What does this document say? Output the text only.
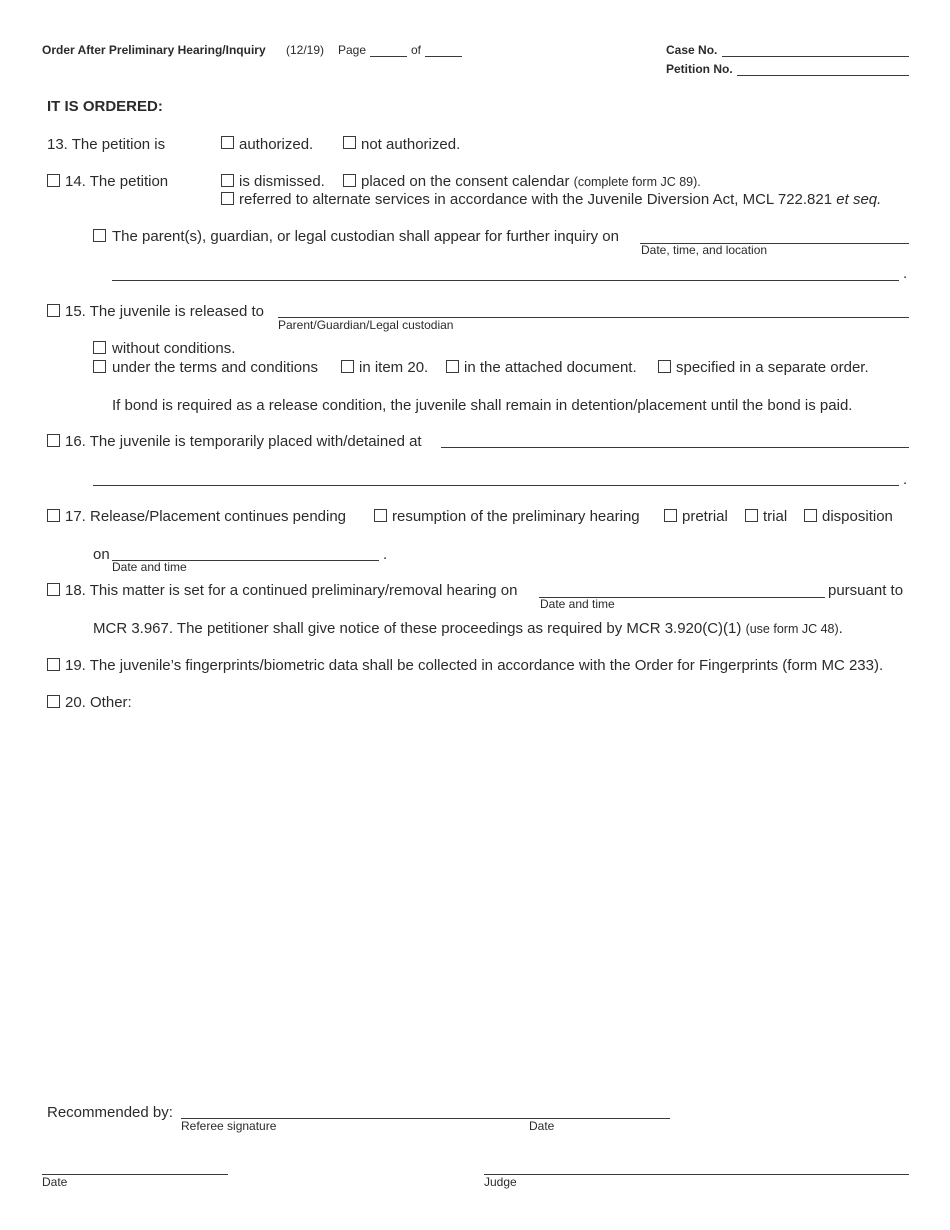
Order After Preliminary Hearing/Inquiry (12/19) Page	of	Case No.
Petition No.
IT IS ORDERED:
13. The petition is	authorized.	not authorized.
14. The petition	is dismissed. placed on the consent calendar (complete form JC 89).
referred to alternate services in accordance with the Juvenile Diversion Act, MCL 722.821 et seq.
The parent(s), guardian, or legal custodian shall appear for further inquiry on
Date, time, and location
.
15. The juvenile is released to
Parent/Guardian/Legal custodian
without conditions.
under the terms and conditions	in item 20. in the attached document.	specified in a separate order.
If bond is required as a release condition, the juvenile shall remain in detention/placement until the bond is paid.
16. The juvenile is temporarily placed with/detained at
.
17. Release/Placement continues pending	resumption of the preliminary hearing	pretrial trial disposition
on
Date and time
.
18. This matter is set for a continued preliminary/removal hearing on
Date and time
pursuant to
MCR 3.967. The petitioner shall give notice of these proceedings as required by MCR 3.920(C)(1) (use form JC 48).
19. The juvenile’s fingerprints/biometric data shall be collected in accordance with the Order for Fingerprints (form MC 233).
20. Other:
Recommended by:
Referee signature	Date
Date	Judge
